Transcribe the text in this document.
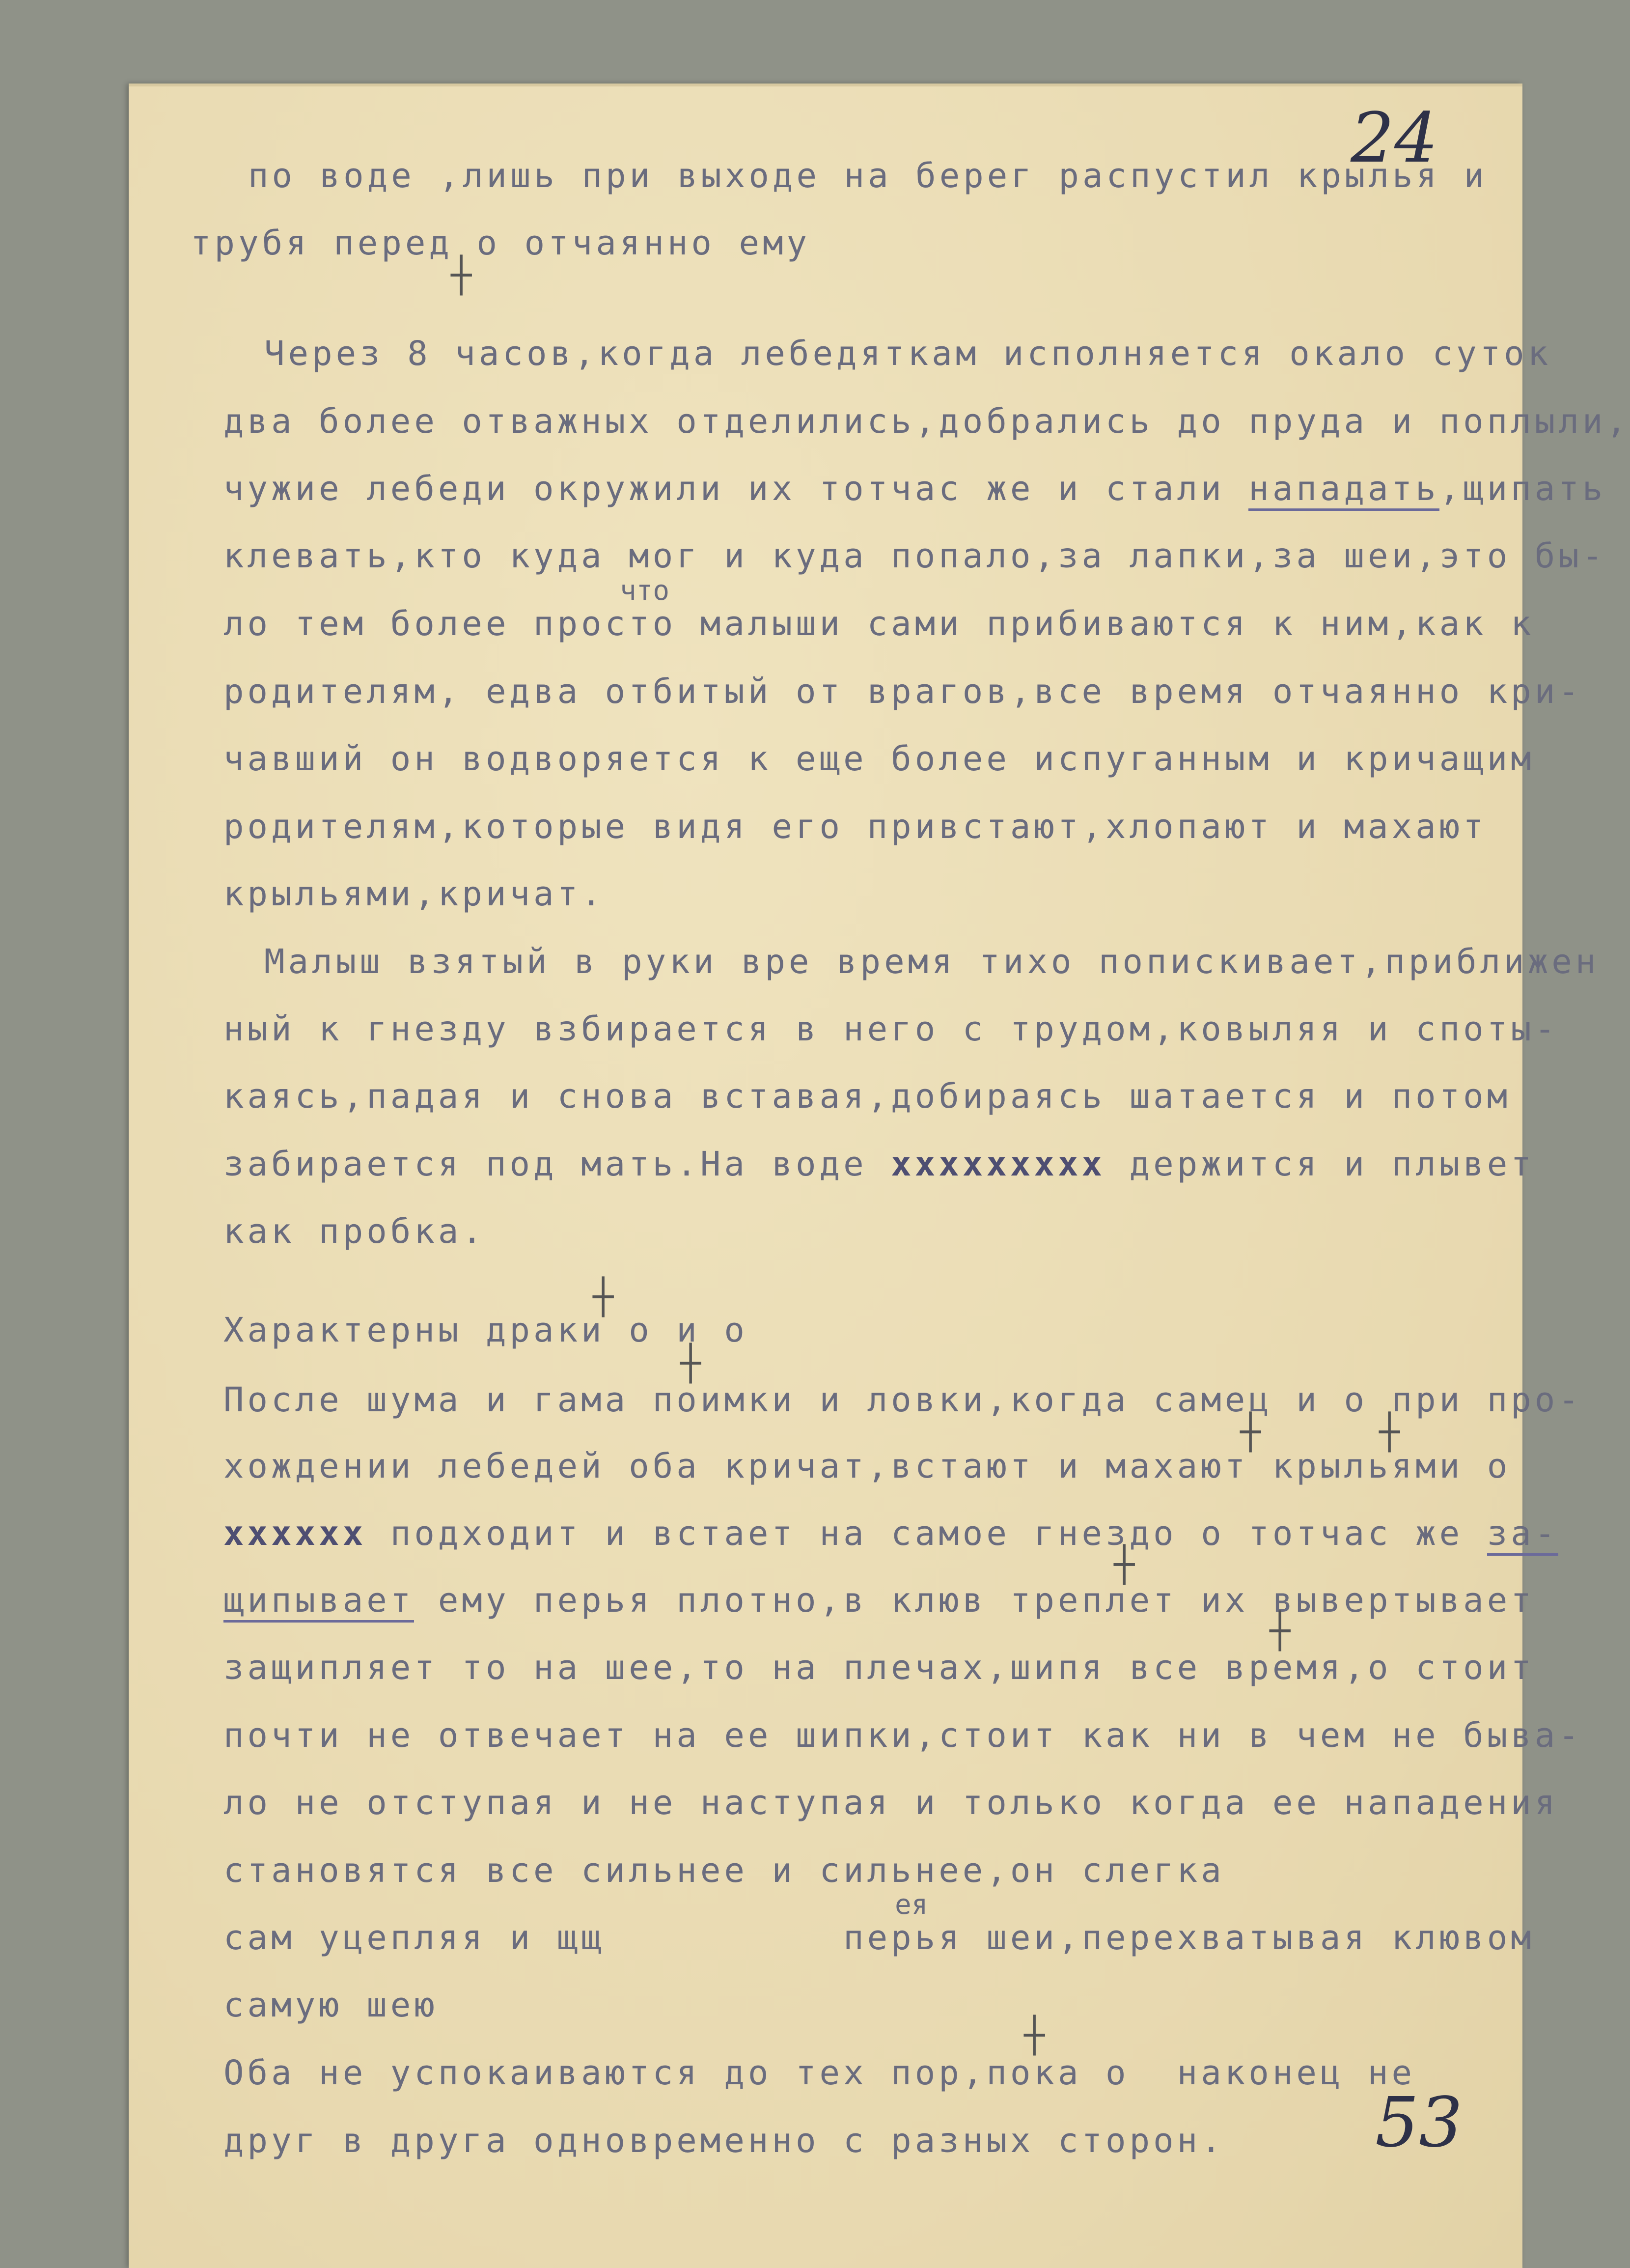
24
по воде ,лишь при выходе на берег распустил крылья и
трубя перед о отчаянно ему
┼
Через 8 часов,когда лебедяткам исполняется окало суток
два более отважных отделились,добрались до пруда и поплыли,
чужие лебеди окружили их тотчас же и стали нападать,щипать
клевать,кто куда мог и куда попало,за лапки,за шеи,это бы-
что
ло тем более просто малыши сами прибиваются к ним,как к
родителям, едва отбитый от врагов,все время отчаянно кри-
чавший он водворяется к еще более испуганным и кричащим
родителям,которые видя его привстают,хлопают и махают
крыльями,кричат.
Малыш взятый в руки вре время тихо попискивает,приближен
ный к гнезду взбирается в него с трудом,ковыляя и споты-
каясь,падая и снова вставая,добираясь шатается и потом
забирается под мать.На воде xxxxxxxxx держится и плывет
как пробка.
┼
Характерны драки о и о
┼
После шума и гама поимки и ловки,когда самец и о при про-
┼	┼
хождении лебедей оба кричат,встают и махают крыльями о
xxxxxx подходит и встает на самое гнездо о тотчас же за-
┼
щипывает ему перья плотно,в клюв треплет их вывертывает
┼
защипляет то на шее,то на плечах,шипя все время,о стоит
почти не отвечает на ее шипки,стоит как ни в чем не быва-
ло не отступая и не наступая и только когда ее нападения
становятся все сильнее и сильнее,он слегка
ея
сам уцепляя и щщ	перья шеи,перехватывая клювом
самую шею
┼
Оба не успокаиваются до тех пор,пока о наконец не
друг в друга одновременно с разных сторон. 53
